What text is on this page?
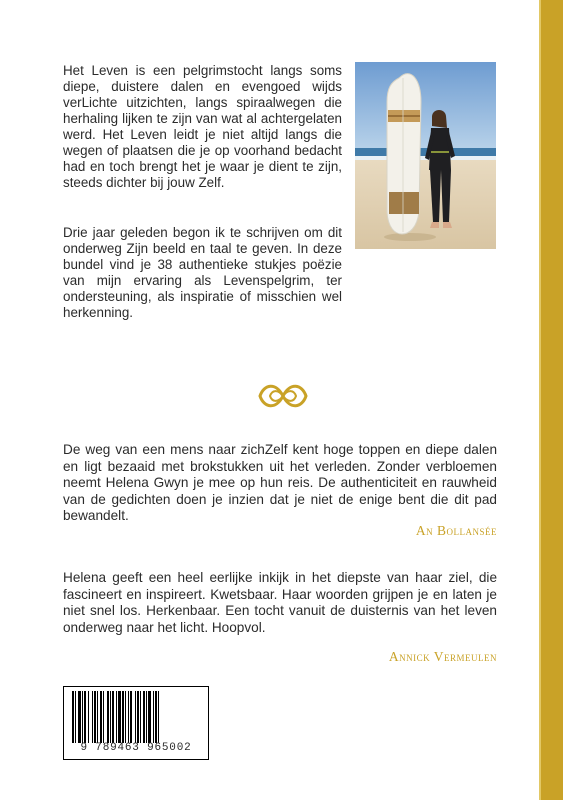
Het Leven is een pelgrimstocht langs soms diepe, duistere dalen en evengoed wijds verLichte uitzichten, langs spiraalwegen die herhaling lijken te zijn van wat al achtergelaten werd. Het Leven leidt je niet altijd langs die wegen of plaatsen die je op voorhand bedacht had en toch brengt het je waar je dient te zijn, steeds dichter bij jouw Zelf.

Drie jaar geleden begon ik te schrijven om dit onderweg Zijn beeld en taal te geven. In deze bundel vind je 38 authentieke stukjes poëzie van mijn ervaring als Levenspelgrim, ter ondersteuning, als inspiratie of misschien wel herkenning.

De weg van een mens naar zichZelf kent hoge toppen en diepe dalen en ligt bezaaid met brokstukken uit het verleden. Zonder verbloemen neemt Helena Gwyn je mee op hun reis. De authenticiteit en rauwheid van de gedichten doen je inzien dat je niet de enige bent die dit pad bewandelt.

An Bollansée

Helena geeft een heel eerlijke inkijk in het diepste van haar ziel, die fascineert en inspireert. Kwetsbaar. Haar woorden grijpen je en laten je niet snel los. Herkenbaar. Een tocht vanuit de duisternis van het leven onderweg naar het licht. Hoopvol.

Annick Vermeulen
9 789463 965002
